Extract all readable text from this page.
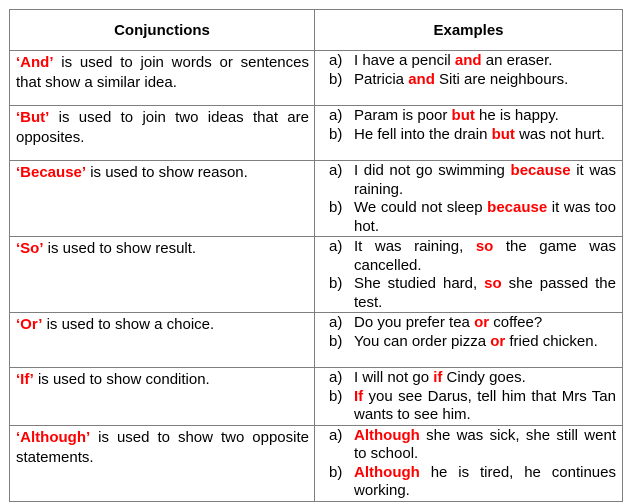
Conjunctions	Examples
‘And’ is used to join words or sentences that show a similar idea.	a) I have a pencil and an eraser.
b) Patricia and Siti are neighbours.

‘But’ is used to join two ideas that are opposites.	a) Param is poor but he is happy.
b) He fell into the drain but was not hurt.

‘Because’ is used to show reason.	a) I did not go swimming because it was raining.
b) We could not sleep because it was too hot.

‘So’ is used to show result.	a) It was raining, so the game was cancelled.
b) She studied hard, so she passed the test.

‘Or’ is used to show a choice.	a) Do you prefer tea or coffee?
b) You can order pizza or fried chicken.

‘If’ is used to show condition.	a) I will not go if Cindy goes.
b) If you see Darus, tell him that Mrs Tan wants to see him.

‘Although’ is used to show two opposite statements.	a) Although she was sick, she still went to school.
b) Although he is tired, he continues working.
